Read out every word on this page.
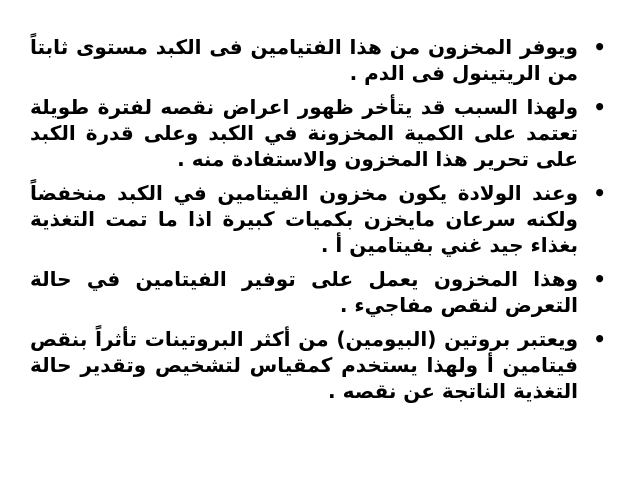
•
ويوفر المخزون من هذا الفتيامين فى الكبد مستوى ثابتاً من الريتينول فى الدم .
•
ولهذا السبب قد يتأخر ظهور اعراض نقصه لفترة طويلة تعتمد على الكمية المخزونة في الكبد وعلى قدرة الكبد على تحرير هذا المخزون والاستفادة منه .
•
وعند الولادة يكون مخزون الفيتامين في الكبد منخفضاً ولكنه سرعان مايخزن بكميات كبيرة اذا ما تمت التغذية بغذاء جيد غني بفيتامين أ .
•
وهذا المخزون يعمل على توفير الفيتامين في حالة التعرض لنقص مفاجيء .
•
ويعتبر بروتين (البيومين) من أكثر البروتينات تأثراً بنقص فيتامين أ ولهذا يستخدم كمقياس لتشخيص وتقدير حالة التغذية الناتجة عن نقصه .
